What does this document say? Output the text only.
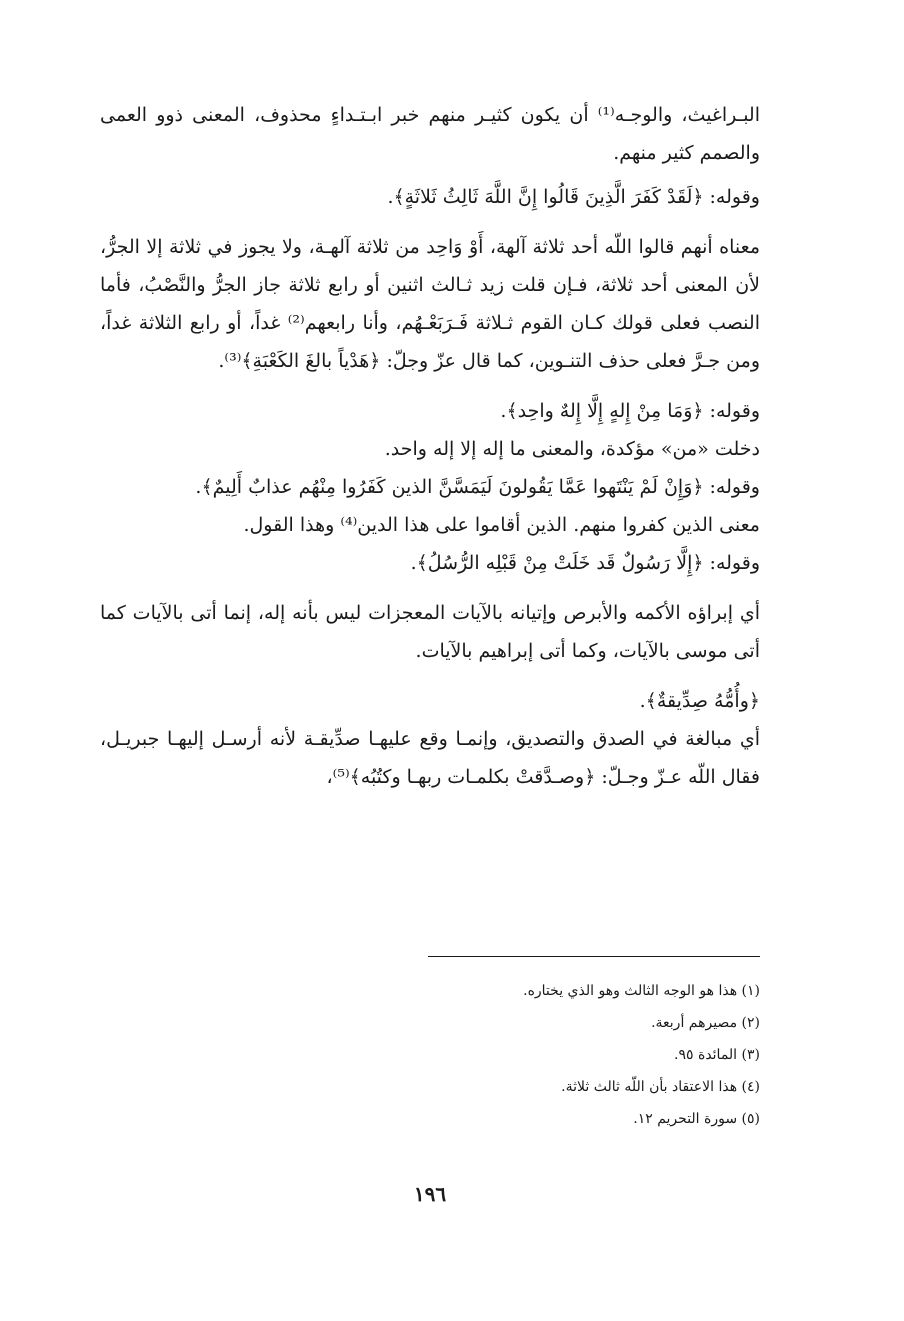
البـراغيث، والوجـه⁽¹⁾ أن يكون كثيـر منهم خبر ابـتـداءٍ محذوف، المعنى ذوو العمى والصمم كثير منهم.

وقوله: ﴿لَقَدْ كَفَرَ الَّذِينَ قَالُوا إِنَّ اللَّهَ ثَالِثُ ثَلاثَةٍ﴾.

معناه أنهم قالوا اللّه أحد ثلاثة آلهة، أَوْ وَاحِد من ثلاثة آلهـة، ولا يجوز في ثلاثة إلا الجرُّ، لأن المعنى أحد ثلاثة، فـإن قلت زيد ثـالث اثنين أو رابع ثلاثة جاز الجرُّ والنَّصْبُ، فأما النصب فعلى قولك كـان القوم ثـلاثة فَـرَبَعْـهُم، وأنا رابعهم⁽²⁾ غداً، أو رابع الثلاثة غداً، ومن جـرَّ فعلى حذف التنـوين، كما قال عزّ وجلّ: ﴿هَدْياً بالغَ الكَعْبَةِ﴾⁽³⁾.

وقوله: ﴿وَمَا مِنْ إِلهٍ إِلَّا إِلهٌ واحِد﴾.

دخلت «من» مؤكدة، والمعنى ما إله إلا إله واحد.

وقوله: ﴿وَإِنْ لَمْ يَنْتَهوا عَمَّا يَقُولونَ لَيَمَسَّنَّ الذين كَفَرُوا مِنْهُم عذابٌ أَلِيمٌ﴾.

معنى الذين كفروا منهم. الذين أقاموا على هذا الدين⁽⁴⁾ وهذا القول.

وقوله: ﴿إِلَّا رَسُولٌ قَد خَلَتْ مِنْ قَبْلِه الرُّسُلُ﴾.

أي إبراؤه الأكمه والأبرص وإتيانه بالآيات المعجزات ليس بأنه إله، إنما أتى بالآيات كما أتى موسى بالآيات، وكما أتى إبراهيم بالآيات.

﴿وأُمُّهُ صِدِّيقةٌ﴾.

أي مبالغة في الصدق والتصديق، وإنمـا وقع عليهـا صدِّيقـة لأنه أرسـل إليهـا جبريـل، فقال اللّه عـزّ وجـلّ: ﴿وصـدَّقتْ بكلمـات ربهـا وكتُبُه﴾⁽⁵⁾،

(١) هذا هو الوجه الثالث وهو الذي يختاره.

(٢) مصيرهم أربعة.

(٣) المائدة ٩٥.

(٤) هذا الاعتقاد بأن اللّه ثالث ثلاثة.

(٥) سورة التحريم ١٢.

١٩٦
